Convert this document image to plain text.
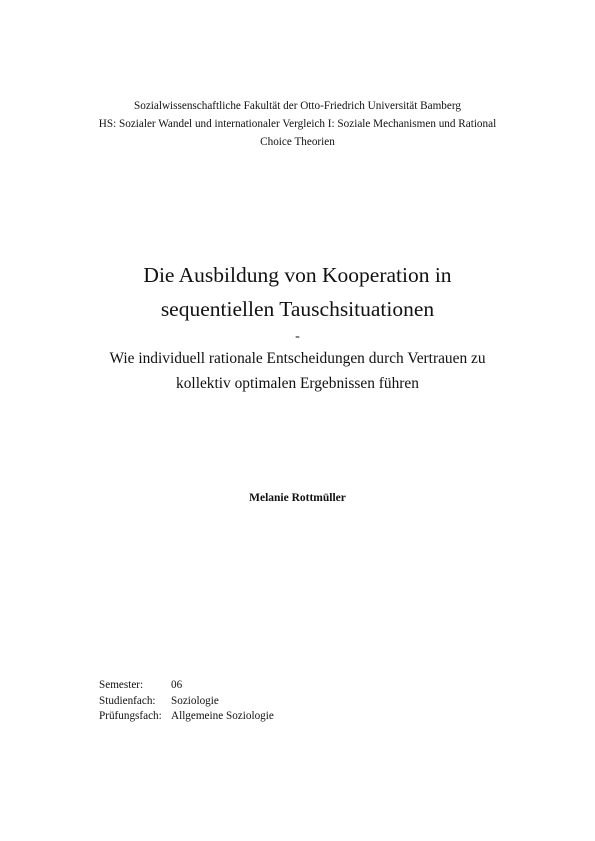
Sozialwissenschaftliche Fakultät der Otto-Friedrich Universität Bamberg
HS: Sozialer Wandel und internationaler Vergleich I: Soziale Mechanismen und Rational
Choice Theorien
Die Ausbildung von Kooperation in
sequentiellen Tauschsituationen
-
Wie individuell rationale Entscheidungen durch Vertrauen zu
kollektiv optimalen Ergebnissen führen
Melanie Rottmüller
Semester:	06
Studienfach:	Soziologie
Prüfungsfach: Allgemeine Soziologie
